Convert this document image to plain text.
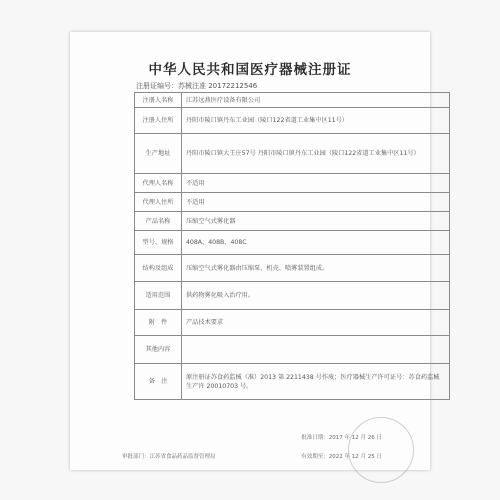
中华人民共和国医疗器械注册证
注册证编号：苏械注准 20172212546
注册人名称	江苏远燕医疗设备有限公司
注册人住所	丹阳市陵口镇丹东工业园（陵口122省道工业集中区11号）
生产地址	丹阳市陵口镇大王庄57号 丹阳市陵口镇丹东工业园（陵口122省道工业集中区11号）
代理人名称	不适用
代理人住所	不适用
产品名称	压缩空气式雾化器
型号、规格	408A、408B、408C
结构及组成	压缩空气式雾化器由压缩泵、机壳、喷雾装置组成。
适用范围	供药物雾化吸入治疗用。
附　件	产品技术要求
其他内容	
备　注	原注册证苏食药监械（准）2013 第 2211438 号作废；医疗器械生产许可证号：苏食药监械生产许 20010703 号。
审批部门：江苏省食品药品监督管理局
批准日期：2017 年 12 月 26 日
有效期至：2022 年 12 月 25 日
